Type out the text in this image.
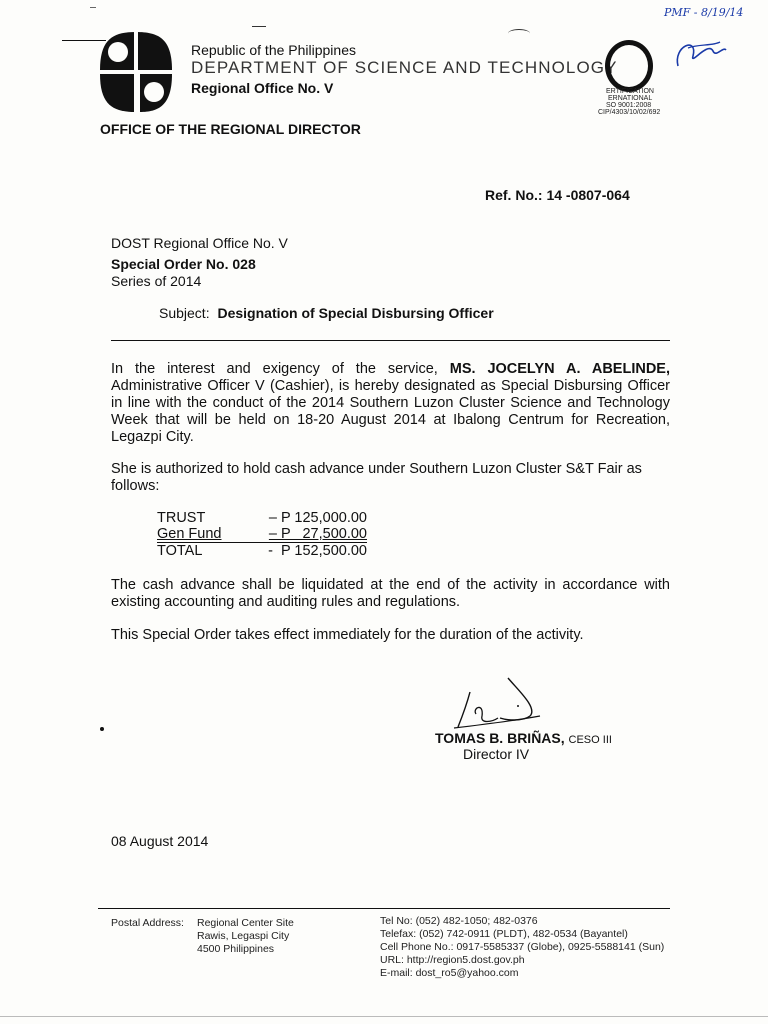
PMF - 8/19/14
Republic of the Philippines
DEPARTMENT OF SCIENCE AND TECHNOLOGY
Regional Office No. V
OFFICE OF THE REGIONAL DIRECTOR
ERTIFICATION
ERNATIONAL
SO 9001:2008
CIP/4303/10/02/692
Ref. No.: 14 -0807-064
DOST Regional Office No. V
Special Order No. 028
Series of 2014
Subject: Designation of Special Disbursing Officer
In the interest and exigency of the service, MS. JOCELYN A. ABELINDE, Administrative Officer V (Cashier), is hereby designated as Special Disbursing Officer in line with the conduct of the 2014 Southern Luzon Cluster Science and Technology Week that will be held on 18-20 August 2014 at Ibalong Centrum for Recreation, Legazpi City.
She is authorized to hold cash advance under Southern Luzon Cluster S&T Fair as follows:
TRUST	– P 125,000.00
Gen Fund	– P   27,500.00
TOTAL	-  P 152,500.00
The cash advance shall be liquidated at the end of the activity in accordance with existing accounting and auditing rules and regulations.
This Special Order takes effect immediately for the duration of the activity.
TOMAS B. BRIÑAS, CESO III
Director IV
08 August 2014
Postal Address: Regional Center Site
Rawis, Legaspi City
4500 Philippines
Tel No: (052) 482-1050; 482-0376
Telefax: (052) 742-0911 (PLDT), 482-0534 (Bayantel)
Cell Phone No.: 0917-5585337 (Globe), 0925-5588141 (Sun)
URL: http://region5.dost.gov.ph
E-mail: dost_ro5@yahoo.com
